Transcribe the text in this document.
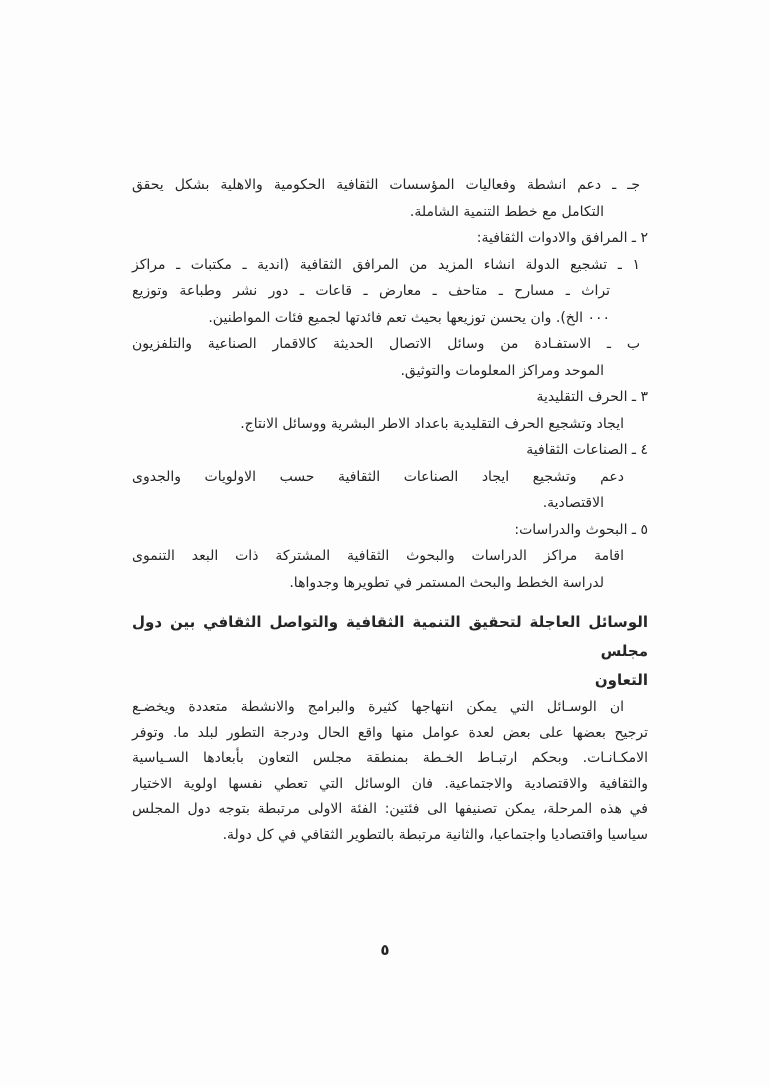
جـ ـ دعم انشطة وفعاليات المؤسسات الثقافية الحكومية والاهلية بشكل يحقق
التكامل مع خطط التنمية الشاملة.
٢ ـ المرافق والادوات الثقافية:
١ ـ تشجيع الدولة انشاء المزيد من المرافق الثقافية (اندية ـ مكتبات ـ مراكز
تراث ـ مسارح ـ متاحف ـ معارض ـ قاعات ـ دور نشر وطباعة وتوزيع
٠٠٠ الخ). وان يحسن توزيعها بحيث تعم فائدتها لجميع فئات المواطنين.
ب ـ الاستفـادة من وسائل الاتصال الحديثة كالاقمار الصناعية والتلفزيون
الموحد ومراكز المعلومات والتوثيق.
٣ ـ الحرف التقليدية
ايجاد وتشجيع الحرف التقليدية باعداد الاطر البشرية ووسائل الانتاج.
٤ ـ الصناعات الثقافية
دعم وتشجيع ايجاد الصناعات الثقافية حسب الاولويات والجدوى
الاقتصادية.
٥ ـ البحوث والدراسات:
اقامة مراكز الدراسات والبحوث الثقافية المشتركة ذات البعد التنموى
لدراسة الخطط والبحث المستمر في تطويرها وجدواها.
الوسائل العاجلة لتحقيق التنمية الثقافية والتواصل الثقافي بين دول مجلس
التعاون
ان الوسـائل التي يمكن انتهاجها كثيرة والبرامج والانشطة متعددة ويخضـع
ترجيح بعضها على بعض لعدة عوامل منها واقع الحال ودرجة التطور لبلد ما. وتوفر
الامكـانـات. وبحكم ارتبـاط الخـطة بمنطقة مجلس التعاون بأبعادها السـياسية
والثقافية والاقتصادية والاجتماعية. فان الوسائل التي تعطي نفسها اولوية الاختيار
في هذه المرحلة، يمكن تصنيفها الى فئتين: الفئة الاولى مرتبطة بتوجه دول المجلس
سياسيا واقتصاديا واجتماعيا، والثانية مرتبطة بالتطوير الثقافي في كل دولة.
٥
